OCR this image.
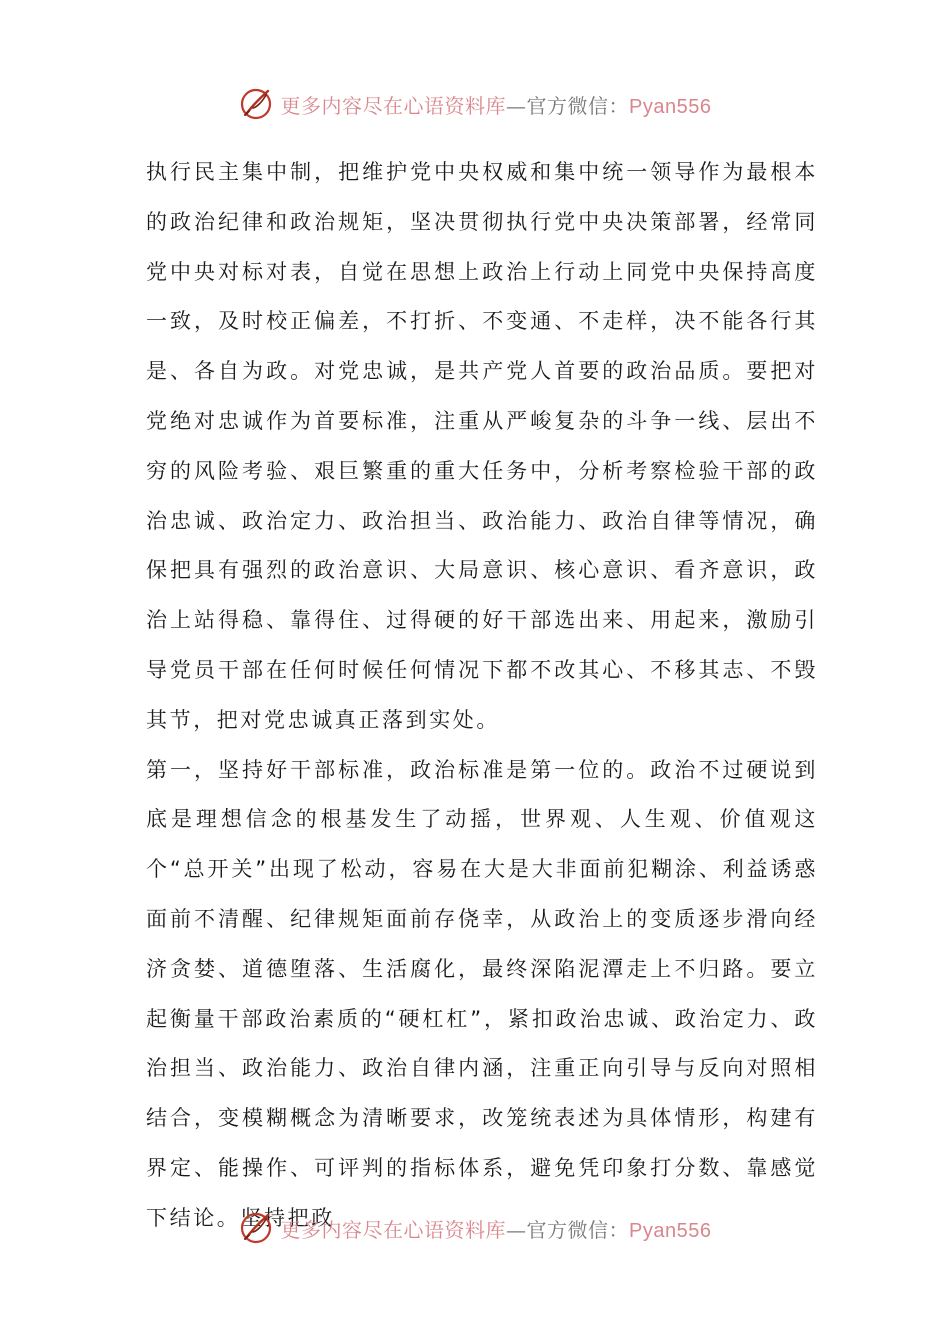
更多内容尽在心语资料库—官方微信：Pyan556

执行民主集中制，把维护党中央权威和集中统一领导作为最根本的政治纪律和政治规矩，坚决贯彻执行党中央决策部署，经常同党中央对标对表，自觉在思想上政治上行动上同党中央保持高度一致，及时校正偏差，不打折、不变通、不走样，决不能各行其是、各自为政。对党忠诚，是共产党人首要的政治品质。要把对党绝对忠诚作为首要标准，注重从严峻复杂的斗争一线、层出不穷的风险考验、艰巨繁重的重大任务中，分析考察检验干部的政治忠诚、政治定力、政治担当、政治能力、政治自律等情况，确保把具有强烈的政治意识、大局意识、核心意识、看齐意识，政治上站得稳、靠得住、过得硬的好干部选出来、用起来，激励引导党员干部在任何时候任何情况下都不改其心、不移其志、不毁其节，把对党忠诚真正落到实处。

第一，坚持好干部标准，政治标准是第一位的。政治不过硬说到底是理想信念的根基发生了动摇，世界观、人生观、价值观这个“总开关”出现了松动，容易在大是大非面前犯糊涂、利益诱惑面前不清醒、纪律规矩面前存侥幸，从政治上的变质逐步滑向经济贪婪、道德堕落、生活腐化，最终深陷泥潭走上不归路。要立起衡量干部政治素质的“硬杠杠”，紧扣政治忠诚、政治定力、政治担当、政治能力、政治自律内涵，注重正向引导与反向对照相结合，变模糊概念为清晰要求，改笼统表述为具体情形，构建有界定、能操作、可评判的指标体系，避免凭印象打分数、靠感觉下结论。坚持把政

更多内容尽在心语资料库—官方微信：Pyan556
